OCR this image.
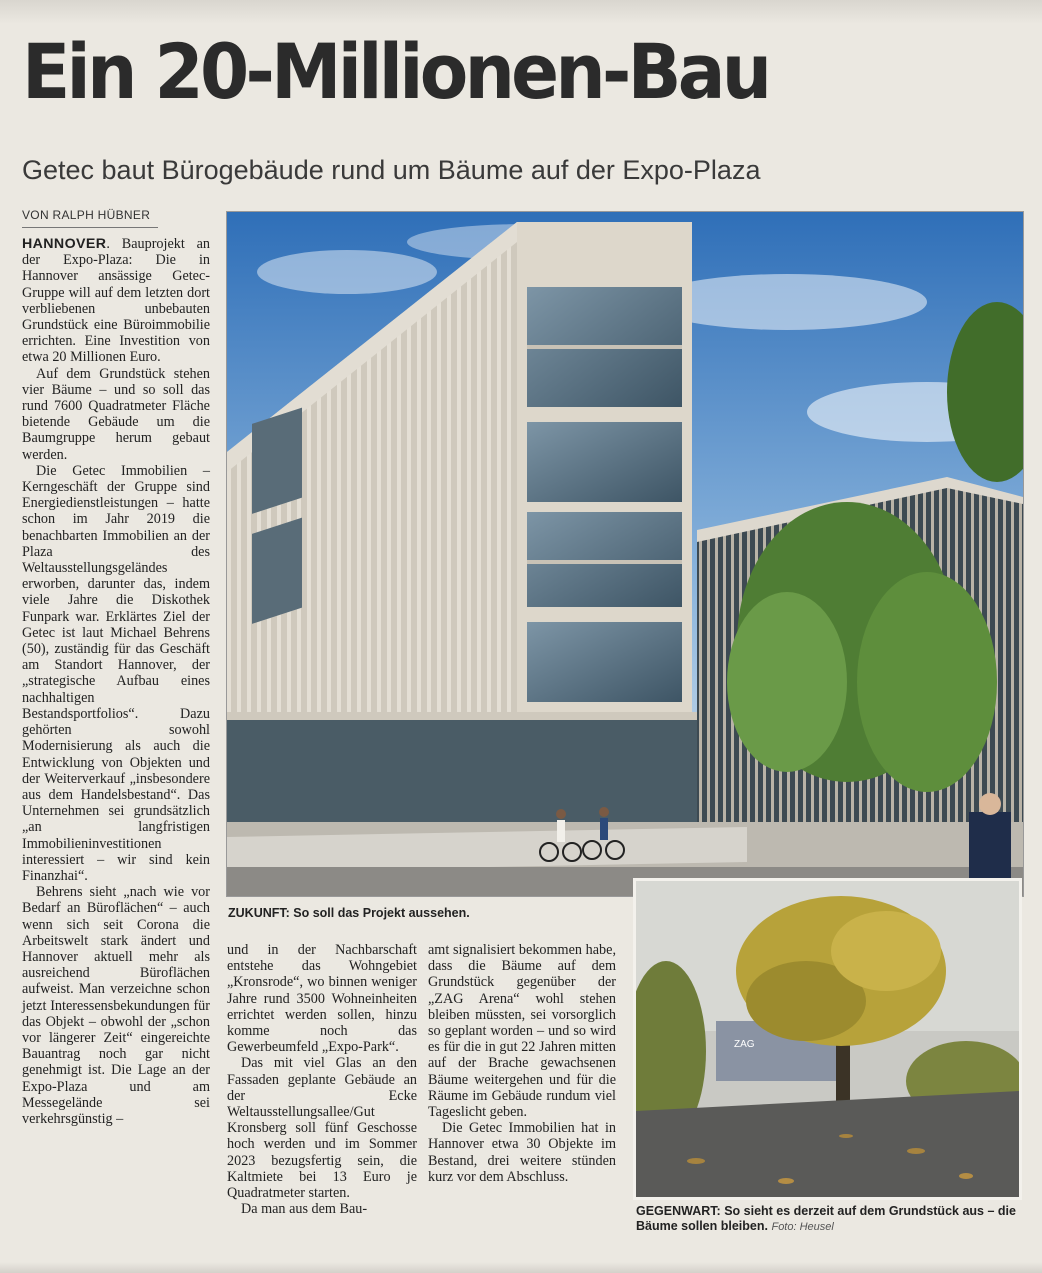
Ein 20-Millionen-Bau
Getec baut Bürogebäude rund um Bäume auf der Expo-Plaza
VON RALPH HÜBNER

HANNOVER. Bauprojekt an der Expo-Plaza: Die in Hannover ansässige Getec-Gruppe will auf dem letzten dort verbliebenen unbebauten Grundstück eine Büroimmobilie errichten. Eine Investition von etwa 20 Millionen Euro.

Auf dem Grundstück stehen vier Bäume – und so soll das rund 7600 Quadratmeter Fläche bietende Gebäude um die Baumgruppe herum gebaut werden.

Die Getec Immobilien – Kerngeschäft der Gruppe sind Energiedienstleistungen – hatte schon im Jahr 2019 die benachbarten Immobilien an der Plaza des Weltausstellungsgeländes erworben, darunter das, indem viele Jahre die Diskothek Funpark war. Erklärtes Ziel der Getec ist laut Michael Behrens (50), zuständig für das Geschäft am Standort Hannover, der „strategische Aufbau eines nachhaltigen Bestandsportfolios“. Dazu gehörten sowohl Modernisierung als auch die Entwicklung von Objekten und der Weiterverkauf „insbesondere aus dem Handelsbestand“. Das Unternehmen sei grundsätzlich „an langfristigen Immobilieninvestitionen interessiert – wir sind kein Finanzhai“.

Behrens sieht „nach wie vor Bedarf an Büroflächen“ – auch wenn sich seit Corona die Arbeitswelt stark ändert und Hannover aktuell mehr als ausreichend Büroflächen aufweist. Man verzeichne schon jetzt Interessensbekundungen für das Objekt – obwohl der „schon vor längerer Zeit“ eingereichte Bauantrag noch gar nicht genehmigt ist. Die Lage an der Expo-Plaza und am Messegelände sei verkehrsgünstig –

ZUKUNFT: So soll das Projekt aussehen.

und in der Nachbarschaft entstehe das Wohngebiet „Kronsrode“, wo binnen weniger Jahre rund 3500 Wohneinheiten errichtet werden sollen, hinzu komme noch das Gewerbeumfeld „Expo-Park“.

Das mit viel Glas an den Fassaden geplante Gebäude an der Ecke Weltausstellungsallee/Gut Kronsberg soll fünf Geschosse hoch werden und im Sommer 2023 bezugsfertig sein, die Kaltmiete bei 13 Euro je Quadratmeter starten.

Da man aus dem Bau-

amt signalisiert bekommen habe, dass die Bäume auf dem Grundstück gegenüber der „ZAG Arena“ wohl stehen bleiben müssten, sei vorsorglich so geplant worden – und so wird es für die in gut 22 Jahren mitten auf der Brache gewachsenen Bäume weitergehen und für die Räume im Gebäude rundum viel Tageslicht geben.

Die Getec Immobilien hat in Hannover etwa 30 Objekte im Bestand, drei weitere stünden kurz vor dem Abschluss.

ZAG
GEGENWART: So sieht es derzeit auf dem Grundstück aus – die Bäume sollen bleiben. Foto: Heusel
